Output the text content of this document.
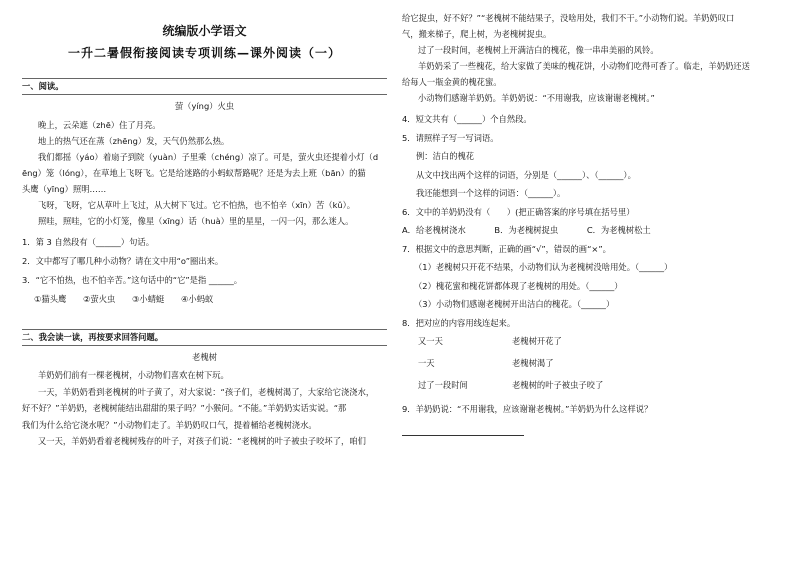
统编版小学语文

一升二暑假衔接阅读专项训练—课外阅读（一）

一、阅读。

萤（yíng）火虫

晚上，云朵遮（zhē）住了月亮。

地上的热气还在蒸（zhēng）发，天气仍然那么热。

我们都摇（yáo）着扇子到院（yuàn）子里乘（chéng）凉了。可是，萤火虫还提着小灯（d

ēng）笼（lóng），在草地上飞呀飞。它是给迷路的小蚂蚁帮路呢？还是为去上班（bān）的猫

头鹰（yīng）照明……

飞呀，飞呀，它从草叶上飞过，从大树下飞过。它不怕热，也不怕辛（xīn）苦（kǔ）。

照哇，照哇，它的小灯笼，像星（xīng）话（huà）里的星星，一闪一闪，那么迷人。

1．第 3 自然段有（______）句话。

2．文中都写了哪几种小动物？请在文中用“o”圈出来。

3．“它不怕热，也不怕辛苦。”这句话中的“它”是指 ______。

①猫头鹰 ②萤火虫 ③小蜻蜓 ④小蚂蚁

二、我会读一读，再按要求回答问题。

老槐树

羊奶奶们前有一棵老槐树，小动物们喜欢在树下玩。

一天，羊奶奶看到老槐树的叶子黄了，对大家说：“孩子们，老槐树渴了，大家给它浇浇水，

好不好？”羊奶奶，老槐树能结出甜甜的果子吗？”小猴问。“不能。”羊奶奶实话实说。“那

我们为什么给它浇水呢？”小动物们走了。羊奶奶叹口气，提着桶给老槐树浇水。

又一天，羊奶奶看着老槐树残存的叶子，对孩子们说：“老槐树的叶子被虫子咬坏了，咱们

给它捉虫，好不好？”“老槐树不能结果子，没啥用处，我们不干。”小动物们说。羊奶奶叹口

气，搬来梯子，爬上树，为老槐树捉虫。

过了一段时间，老槐树上开满洁白的槐花，像一串串美丽的风铃。

羊奶奶采了一些槐花，给大家做了美味的槐花饼，小动物们吃得可香了。临走，羊奶奶还送

给每人一瓶金黄的槐花蜜。

小动物们感谢羊奶奶。羊奶奶说：“不用谢我，应该谢谢老槐树。”

4．短文共有（______）个自然段。

5．请照样子写一写词语。

例：洁白的槐花

从文中找出两个这样的词语，分别是（______）、（______）。

我还能想到一个这样的词语：（______）。

6．文中的羊奶奶没有（　　）(把正确答案的序号填在括号里）

A．给老槐树浇水	B．为老槐树捉虫	C．为老槐树松土

7．根据文中的意思判断，正确的画“√”，错误的画“×”。

（1）老槐树只开花不结果，小动物们认为老槐树没啥用处。（______）

（2）槐花蜜和槐花饼都体现了老槐树的用处。（______）

（3）小动物们感谢老槐树开出洁白的槐花。（______）

8．把对应的内容用线连起来。

又一天	老槐树开花了
一天	老槐树渴了
过了一段时间	老槐树的叶子被虫子咬了

9．羊奶奶说：“不用谢我，应该谢谢老槐树。”羊奶奶为什么这样说？
